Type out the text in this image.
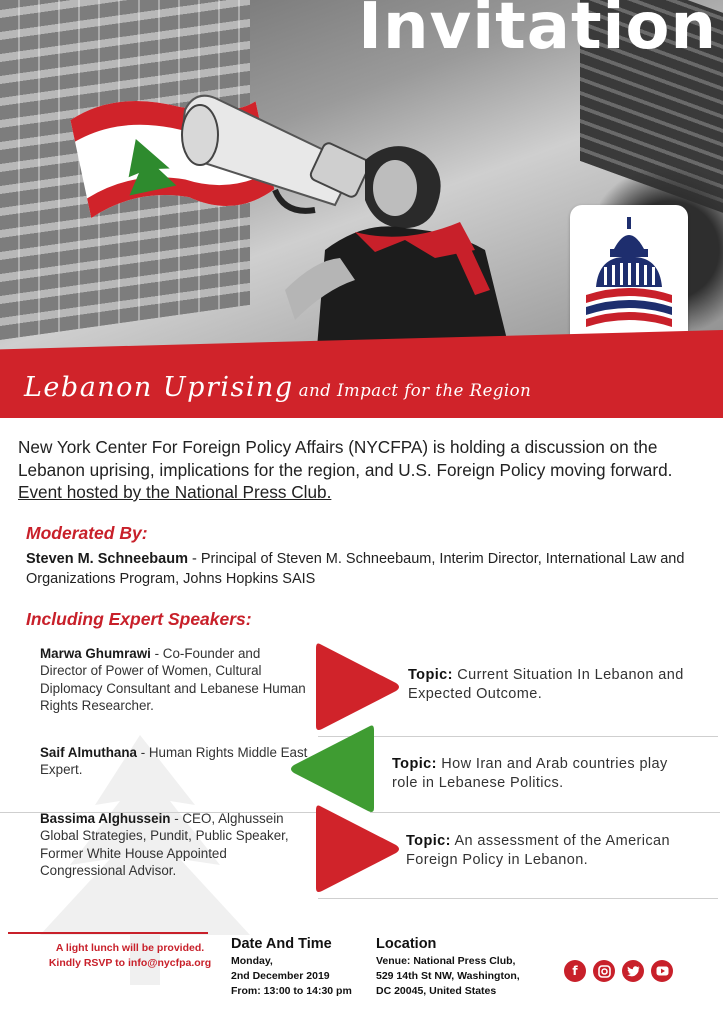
Invitation
Lebanon Uprising and Impact for the Region
New York Center For Foreign Policy Affairs (NYCFPA) is holding a discussion on the Lebanon uprising, implications for the region, and U.S. Foreign Policy moving forward.
Event hosted by the National Press Club.
Moderated By:
Steven M. Schneebaum - Principal of Steven M. Schneebaum, Interim Director, International Law and Organizations Program, Johns Hopkins SAIS
Including Expert Speakers:
Marwa Ghumrawi - Co-Founder and Director of Power of Women, Cultural Diplomacy Consultant and Lebanese Human Rights Researcher.
Topic: Current Situation In Lebanon and Expected Outcome.
Saif Almuthana - Human Rights Middle East Expert.	Topic: How Iran and Arab countries play role in Lebanese Politics.
Bassima Alghussein - CEO, Alghussein Global Strategies, Pundit, Public Speaker, Former White House Appointed Congressional Advisor.
Topic: An assessment of the American Foreign Policy in Lebanon.
A light lunch will be provided.
Kindly RSVP to info@nycfpa.org
Date And Time
Monday,
2nd December 2019
From: 13:00 to 14:30 pm
Location
Venue: National Press Club,
529 14th St NW, Washington,
DC 20045, United States
f
